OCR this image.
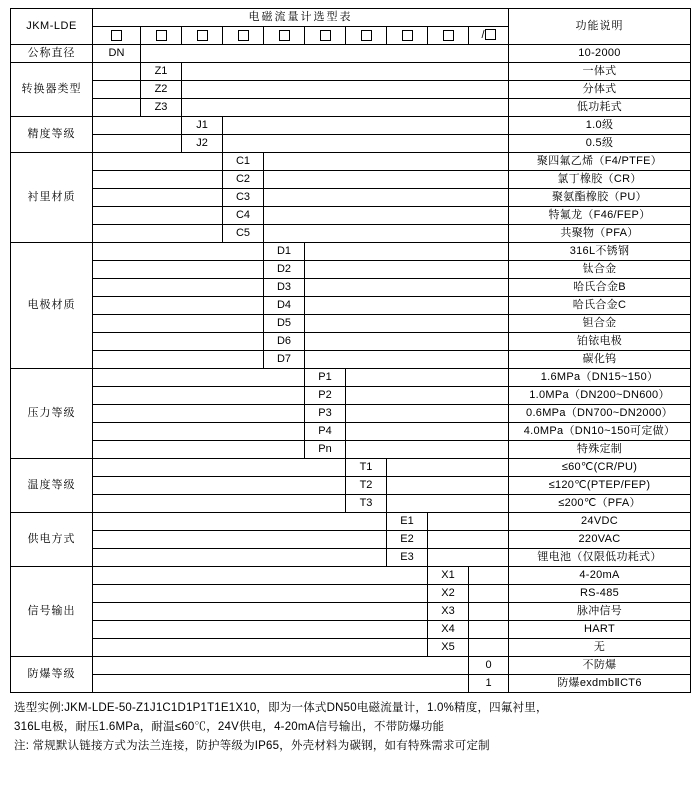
JKM-LDE	电磁流量计选型表										功能说明
										/	
公称直径	DN										10-2000
转换器类型		Z1									一体式
		Z2									分体式
		Z3									低功耗式
精度等级			J1								1.0级
			J2								0.5级
衬里材质				C1							聚四氟乙烯（F4/PTFE）
				C2							氯丁橡胶（CR）
				C3							聚氨酯橡胶（PU）
				C4							特氟龙（F46/FEP）
				C5							共聚物（PFA）
电极材质					D1						316L不锈钢
					D2						钛合金
					D3						哈氏合金B
					D4						哈氏合金C
					D5						钽合金
					D6						铂铱电极
					D7						碳化钨
压力等级						P1					1.6MPa（DN15~150）
						P2					1.0MPa（DN200~DN600）
						P3					0.6MPa（DN700~DN2000）
						P4					4.0MPa（DN10~150可定做）
						Pn					特殊定制
温度等级							T1				≤60℃(CR/PU)
							T2				≤120℃(PTEP/FEP)
							T3				≤200℃（PFA）
供电方式								E1			24VDC
								E2			220VAC
								E3			锂电池（仅限低功耗式）
信号输出									X1		4-20mA
									X2		RS-485
									X3		脉冲信号
									X4		HART
									X5		无
防爆等级										0	不防爆
										1	防爆exdmbⅡCT6
选型实例:JKM-LDE-50-Z1J1C1D1P1T1E1X10，即为一体式DN50电磁流量计，1.0%精度，四氟衬里，
316L电极，耐压1.6MPa，耐温≤60℃，24V供电，4-20mA信号输出，不带防爆功能
注: 常规默认链接方式为法兰连接，防护等级为IP65，外壳材料为碳钢，如有特殊需求可定制
